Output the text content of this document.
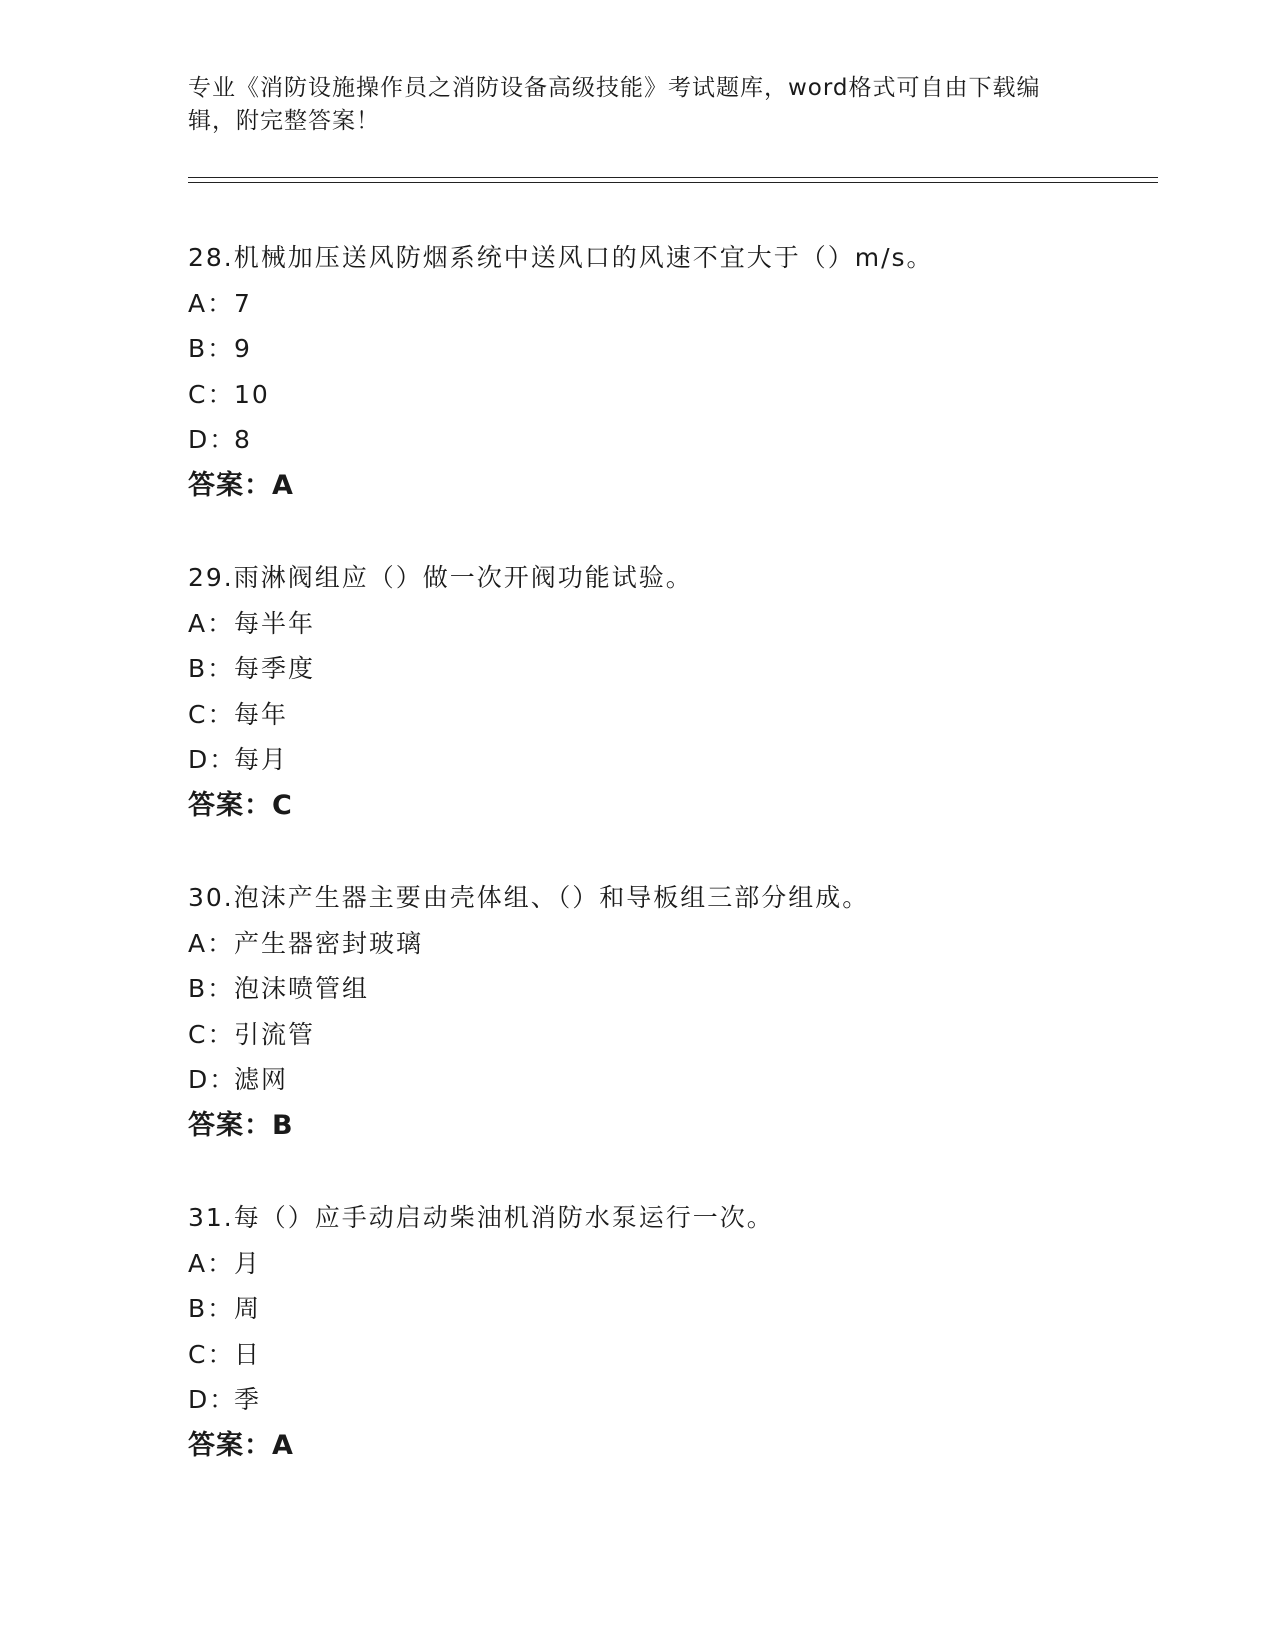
专业《消防设施操作员之消防设备高级技能》考试题库，word格式可自由下载编
辑，附完整答案！
28.机械加压送风防烟系统中送风口的风速不宜大于（）m/s。
A：7
B：9
C：10
D：8
答案：A
29.雨淋阀组应（）做一次开阀功能试验。
A：每半年
B：每季度
C：每年
D：每月
答案：C
30.泡沫产生器主要由壳体组、（）和导板组三部分组成。
A：产生器密封玻璃
B：泡沫喷管组
C：引流管
D：滤网
答案：B
31.每（）应手动启动柴油机消防水泵运行一次。
A：月
B：周
C：日
D：季
答案：A
